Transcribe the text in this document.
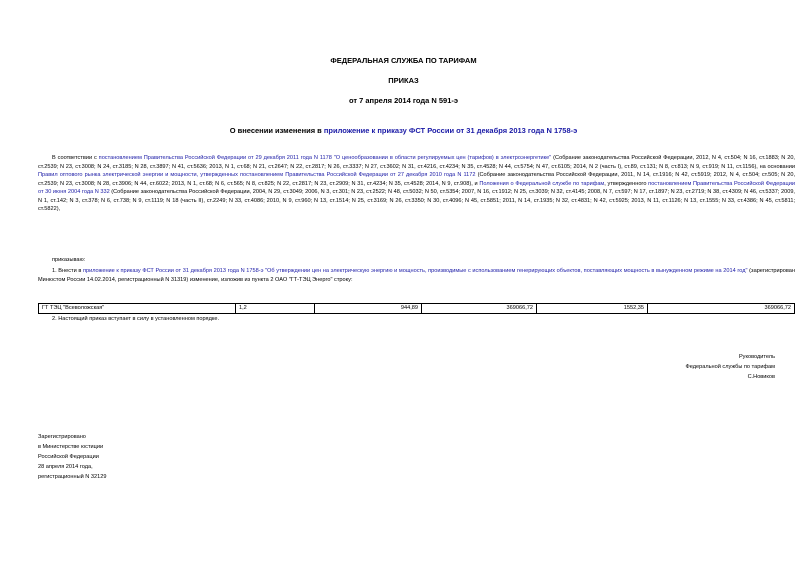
ФЕДЕРАЛЬНАЯ СЛУЖБА ПО ТАРИФАМ
ПРИКАЗ
от 7 апреля 2014 года N 591-э
О внесении изменения в приложение к приказу ФСТ России от 31 декабря 2013 года N 1758-э
В соответствии с постановлением Правительства Российской Федерации от 29 декабря 2011 года N 1178 "О ценообразовании в области регулируемых цен (тарифов) в электроэнергетике" (Собрание законодательства Российской Федерации, 2012, N 4, ст.504; N 16, ст.1883; N 20, ст.2539; N 23, ст.3008; N 24, ст.3185; N 28, ст.3897; N 41, ст.5636; 2013, N 1, ст.68; N 21, ст.2647; N 22, ст.2817; N 26, ст.3337; N 27, ст.3602; N 31, ст.4216, ст.4234; N 35, ст.4528; N 44, ст.5754; N 47, ст.6105; 2014, N 2 (часть I), ст.89, ст.131; N 8, ст.813; N 9, ст.919; N 11, ст.1156), на основании Правил оптового рынка электрической энергии и мощности, утвержденных постановлением Правительства Российской Федерации от 27 декабря 2010 года N 1172 (Собрание законодательства Российской Федерации, 2011, N 14, ст.1916; N 42, ст.5919; 2012, N 4, ст.504; ст.505; N 20, ст.2539; N 23, ст.3008; N 28, ст.3906; N 44, ст.6022; 2013, N 1, ст.68; N 6, ст.565; N 8, ст.825; N 22, ст.2817; N 23, ст.2909; N 31, ст.4234; N 35, ст.4528; 2014, N 9, ст.908), и Положения о Федеральной службе по тарифам, утвержденного постановлением Правительства Российской Федерации от 30 июня 2004 года N 332 (Собрание законодательства Российской Федерации, 2004, N 29, ст.3049; 2006, N 3, ст.301; N 23, ст.2522; N 48, ст.5032; N 50, ст.5354; 2007, N 16, ст.1912; N 25, ст.3039; N 32, ст.4145; 2008, N 7, ст.597; N 17, ст.1897; N 23, ст.2719; N 38, ст.4309; N 46, ст.5337; 2009, N 1, ст.142; N 3, ст.378; N 6, ст.738; N 9, ст.1119; N 18 (часть II), ст.2249; N 33, ст.4086; 2010, N 9, ст.960; N 13, ст.1514; N 25, ст.3169; N 26, ст.3350; N 30, ст.4096; N 45, ст.5851; 2011, N 14, ст.1935; N 32, ст.4831; N 42, ст.5925; 2013, N 11, ст.1126; N 13, ст.1555; N 33, ст.4386; N 45, ст.5811; ст.5822),
приказываю:
1. Внести в приложение к приказу ФСТ России от 31 декабря 2013 года N 1758-э "Об утверждении цен на электрическую энергию и мощность, производимые с использованием генерирующих объектов, поставляющих мощность в вынужденном режиме на 2014 год" (зарегистрирован Минюстом России 14.02.2014, регистрационный N 31319) изменение, изложив из пункта 2 ОАО "ГТ-ТЭЦ Энерго" строку:
ГТ ТЭЦ "Всеволожская"	1,2	944,89	369066,72	1552,35	369066,72
2. Настоящий приказ вступает в силу в установленном порядке.
Руководитель
Федеральной службы по тарифам
С.Новиков
Зарегистрировано
в Министерстве юстиции
Российской Федерации
28 апреля 2014 года,
регистрационный N 32129
